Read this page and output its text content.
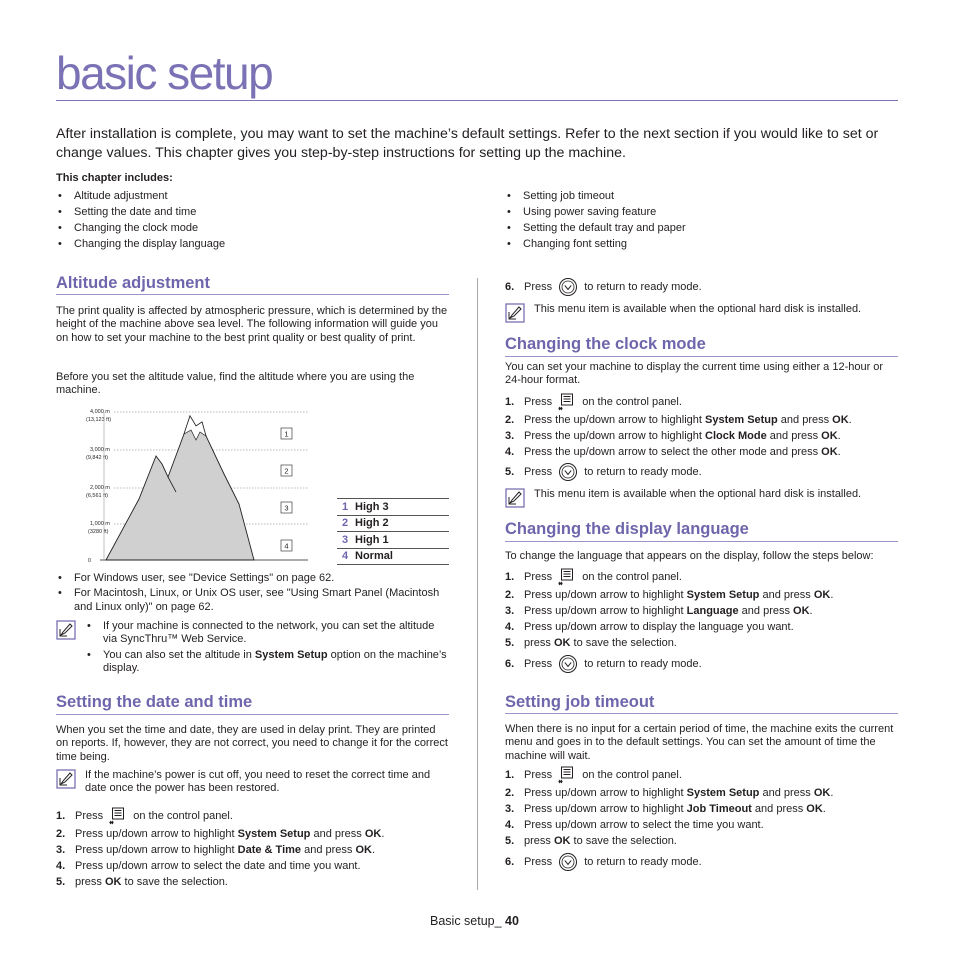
basic setup

After installation is complete, you may want to set the machine’s default settings. Refer to the next section if you would like to set or change values. This chapter gives you step-by-step instructions for setting up the machine.

This chapter includes:
• Altitude adjustment
• Setting the date and time
• Changing the clock mode
• Changing the display language
• Setting job timeout
• Using power saving feature
• Setting the default tray and paper
• Changing font setting
Altitude adjustment

The print quality is affected by atmospheric pressure, which is determined by the height of the machine above sea level. The following information will guide you on how to set your machine to the best print quality or best quality of print.

Before you set the altitude value, find the altitude where you are using the machine.

4,000 m
(13,123 ft)
3,000 m
(9,842 ft)
2,000 m
(6,561 ft)
1,000 m
(3280 ft)
0
1
2
3
4
1	High 3
2	High 2
3	High 1
4	Normal
• For Windows user, see "Device Settings" on page 62.
• For Macintosh, Linux, or Unix OS user, see "Using Smart Panel (Macintosh and Linux only)" on page 62.
• If your machine is connected to the network, you can set the altitude via SyncThru™ Web Service.
• You can also set the altitude in System Setup option on the machine’s display.
Setting the date and time

When you set the time and date, they are used in delay print. They are printed on reports. If, however, they are not correct, you need to change it for the correct time being.

If the machine’s power is cut off, you need to reset the correct time and date once the power has been restored.
1. Press  on the control panel.
2. Press up/down arrow to highlight System Setup and press OK.
3. Press up/down arrow to highlight Date & Time and press OK.
4. Press up/down arrow to select the date and time you want.
5. press OK to save the selection.
6. Press  to return to ready mode.
This menu item is available when the optional hard disk is installed.
Changing the clock mode

You can set your machine to display the current time using either a 12-hour or 24-hour format.

1. Press  on the control panel.
2. Press the up/down arrow to highlight System Setup and press OK.
3. Press the up/down arrow to highlight Clock Mode and press OK.
4. Press the up/down arrow to select the other mode and press OK.
5. Press  to return to ready mode.
This menu item is available when the optional hard disk is installed.
Changing the display language

To change the language that appears on the display, follow the steps below:

1. Press  on the control panel.
2. Press up/down arrow to highlight System Setup and press OK.
3. Press up/down arrow to highlight Language and press OK.
4. Press up/down arrow to display the language you want.
5. press OK to save the selection.
6. Press  to return to ready mode.
Setting job timeout

When there is no input for a certain period of time, the machine exits the current menu and goes in to the default settings. You can set the amount of time the machine will wait.

1. Press  on the control panel.
2. Press up/down arrow to highlight System Setup and press OK.
3. Press up/down arrow to highlight Job Timeout and press OK.
4. Press up/down arrow to select the time you want.
5. press OK to save the selection.
6. Press  to return to ready mode.
Basic setup_ 40
